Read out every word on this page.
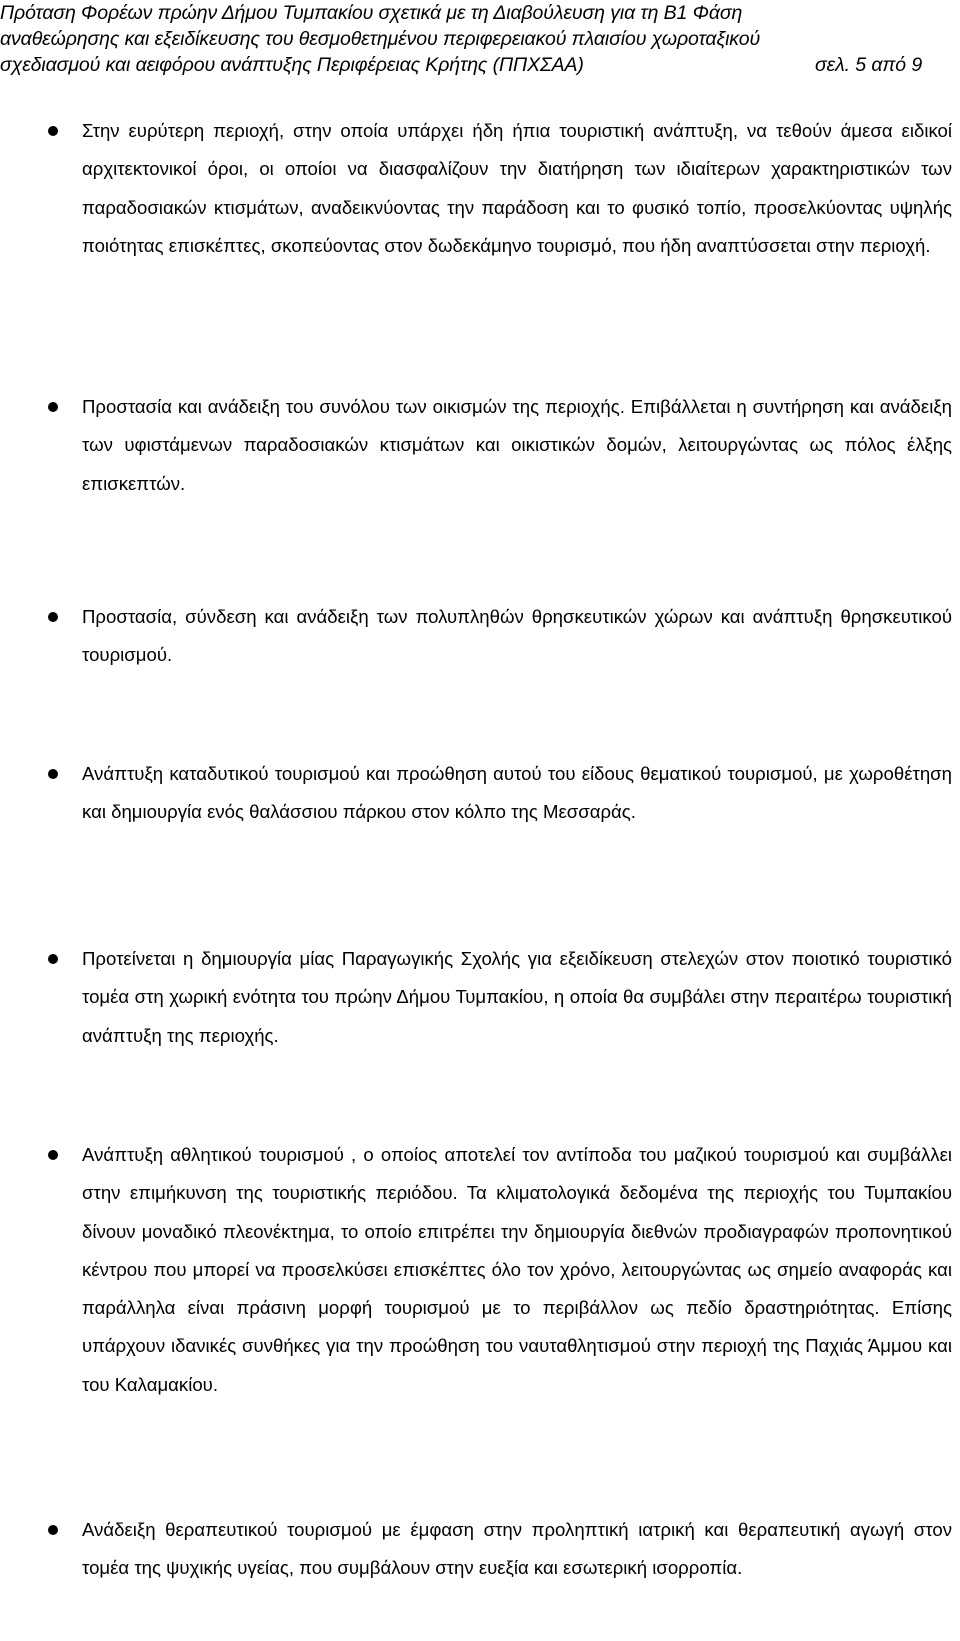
Πρόταση Φορέων πρώην Δήμου Τυμπακίου σχετικά με τη Διαβούλευση για τη Β1 Φάση
αναθεώρησης και εξειδίκευσης του θεσμοθετημένου περιφερειακού πλαισίου χωροταξικού
σχεδιασμού και αειφόρου ανάπτυξης Περιφέρειας Κρήτης (ΠΠΧΣΑΑ)	σελ. 5 από 9
Στην ευρύτερη περιοχή, στην οποία υπάρχει ήδη ήπια τουριστική ανάπτυξη, να τεθούν άμεσα ειδικοί αρχιτεκτονικοί όροι, οι οποίοι να διασφαλίζουν την διατήρηση των ιδιαίτερων χαρακτηριστικών των παραδοσιακών κτισμάτων, αναδεικνύοντας την παράδοση και το φυσικό τοπίο, προσελκύοντας υψηλής ποιότητας επισκέπτες, σκοπεύοντας στον δωδεκάμηνο τουρισμό, που ήδη αναπτύσσεται στην περιοχή.
Προστασία και ανάδειξη του συνόλου των οικισμών της περιοχής. Επιβάλλεται η συντήρηση και ανάδειξη των υφιστάμενων παραδοσιακών κτισμάτων και οικιστικών δομών, λειτουργώντας ως πόλος έλξης επισκεπτών.
Προστασία, σύνδεση και ανάδειξη των πολυπληθών θρησκευτικών χώρων και ανάπτυξη θρησκευτικού τουρισμού.
Ανάπτυξη καταδυτικού τουρισμού και προώθηση αυτού του είδους θεματικού τουρισμού, με χωροθέτηση και δημιουργία ενός θαλάσσιου πάρκου στον κόλπο της Μεσσαράς.
Προτείνεται η δημιουργία μίας Παραγωγικής Σχολής για εξειδίκευση στελεχών στον ποιοτικό τουριστικό τομέα στη χωρική ενότητα του πρώην Δήμου Τυμπακίου, η οποία θα συμβάλει στην περαιτέρω τουριστική ανάπτυξη της περιοχής.
Ανάπτυξη αθλητικού τουρισμού , ο οποίος αποτελεί τον αντίποδα του μαζικού τουρισμού και συμβάλλει στην επιμήκυνση της τουριστικής περιόδου. Τα κλιματολογικά δεδομένα της περιοχής του Τυμπακίου δίνουν μοναδικό πλεονέκτημα, το οποίο επιτρέπει την δημιουργία διεθνών προδιαγραφών προπονητικού κέντρου που μπορεί να προσελκύσει επισκέπτες όλο τον χρόνο, λειτουργώντας ως σημείο αναφοράς και παράλληλα είναι πράσινη μορφή τουρισμού με το περιβάλλον ως πεδίο δραστηριότητας. Επίσης υπάρχουν ιδανικές συνθήκες για την προώθηση του ναυταθλητισμού στην περιοχή της Παχιάς Άμμου και του Καλαμακίου.
Ανάδειξη θεραπευτικού τουρισμού με έμφαση στην προληπτική ιατρική και θεραπευτική αγωγή στον τομέα της ψυχικής υγείας, που συμβάλουν στην ευεξία και εσωτερική ισορροπία.
